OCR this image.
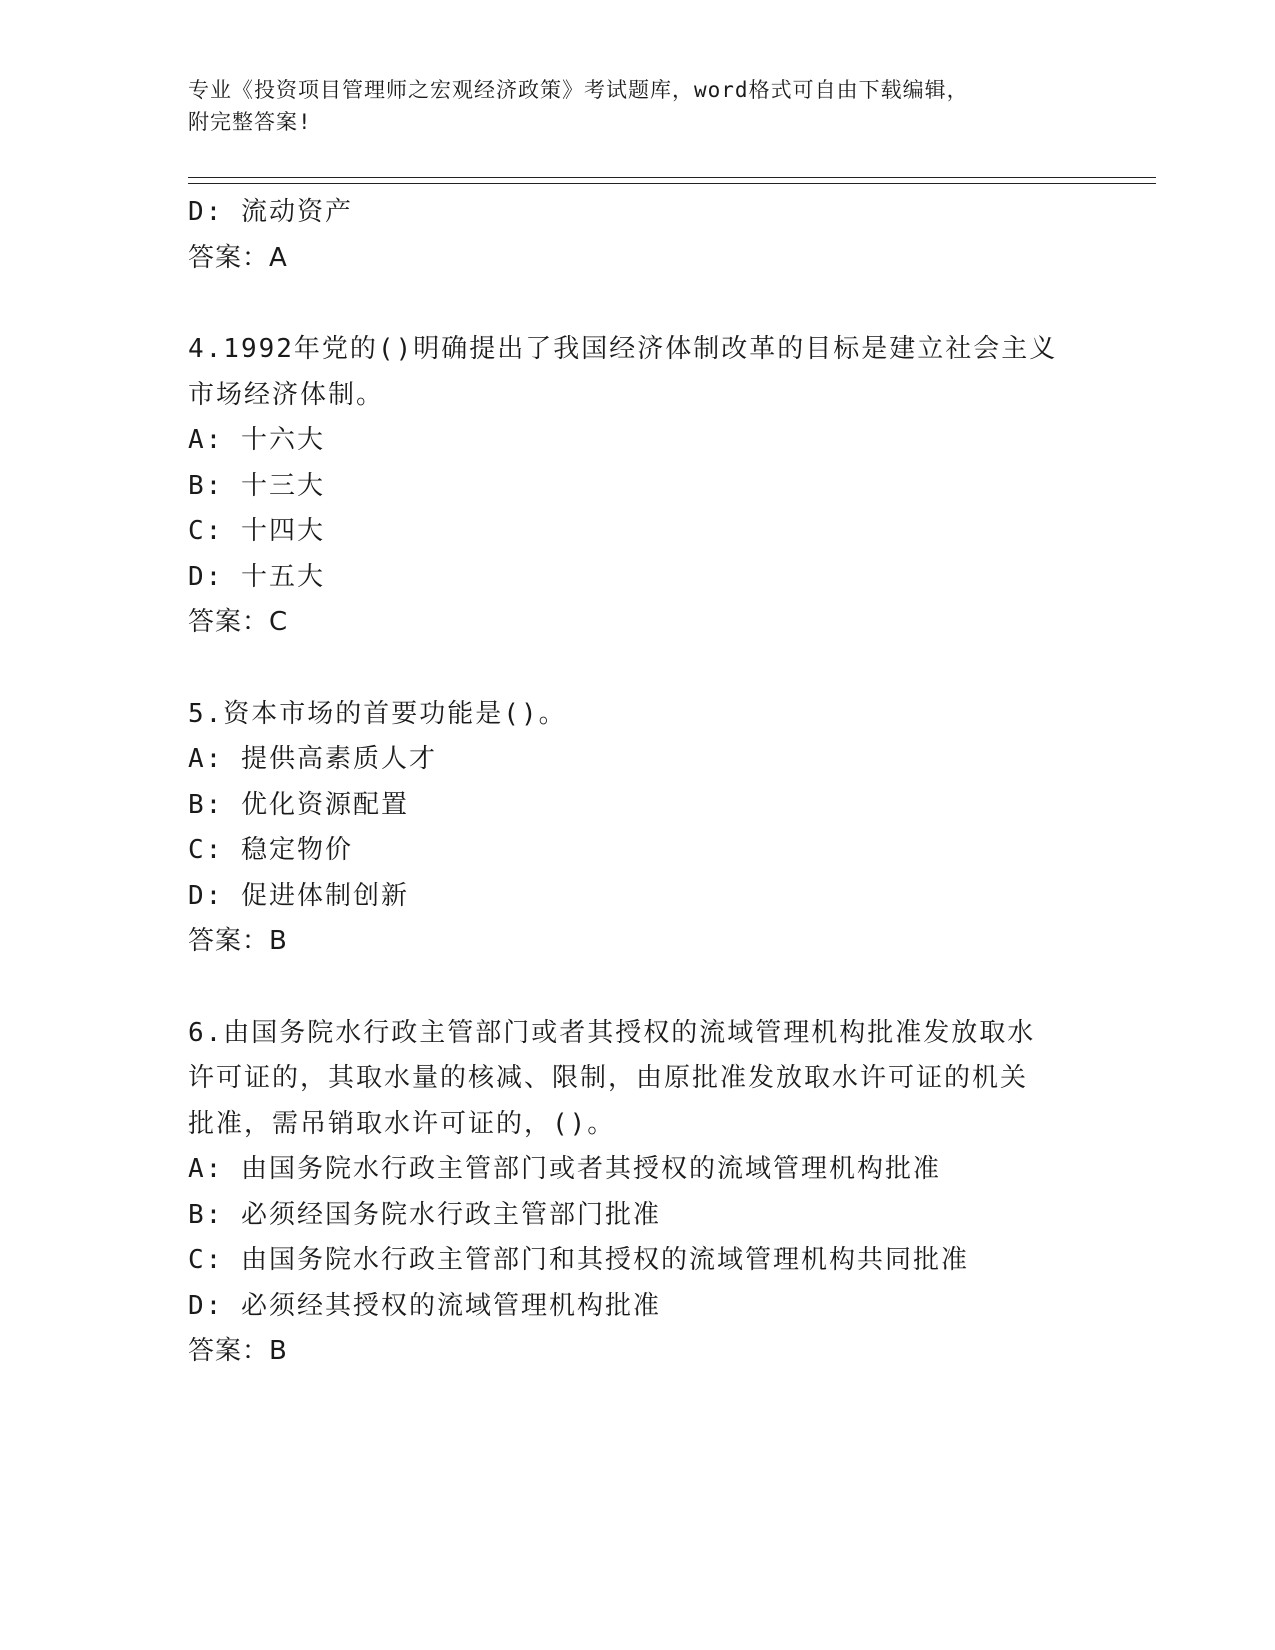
专业《投资项目管理师之宏观经济政策》考试题库，word格式可自由下载编辑，
附完整答案!
D: 流动资产
答案：A
4.1992年党的()明确提出了我国经济体制改革的目标是建立社会主义
市场经济体制。
A: 十六大
B: 十三大
C: 十四大
D: 十五大
答案：C
5.资本市场的首要功能是()。
A: 提供高素质人才
B: 优化资源配置
C: 稳定物价
D: 促进体制创新
答案：B
6.由国务院水行政主管部门或者其授权的流域管理机构批准发放取水
许可证的，其取水量的核减、限制，由原批准发放取水许可证的机关
批准，需吊销取水许可证的，()。
A: 由国务院水行政主管部门或者其授权的流域管理机构批准
B: 必须经国务院水行政主管部门批准
C: 由国务院水行政主管部门和其授权的流域管理机构共同批准
D: 必须经其授权的流域管理机构批准
答案：B
